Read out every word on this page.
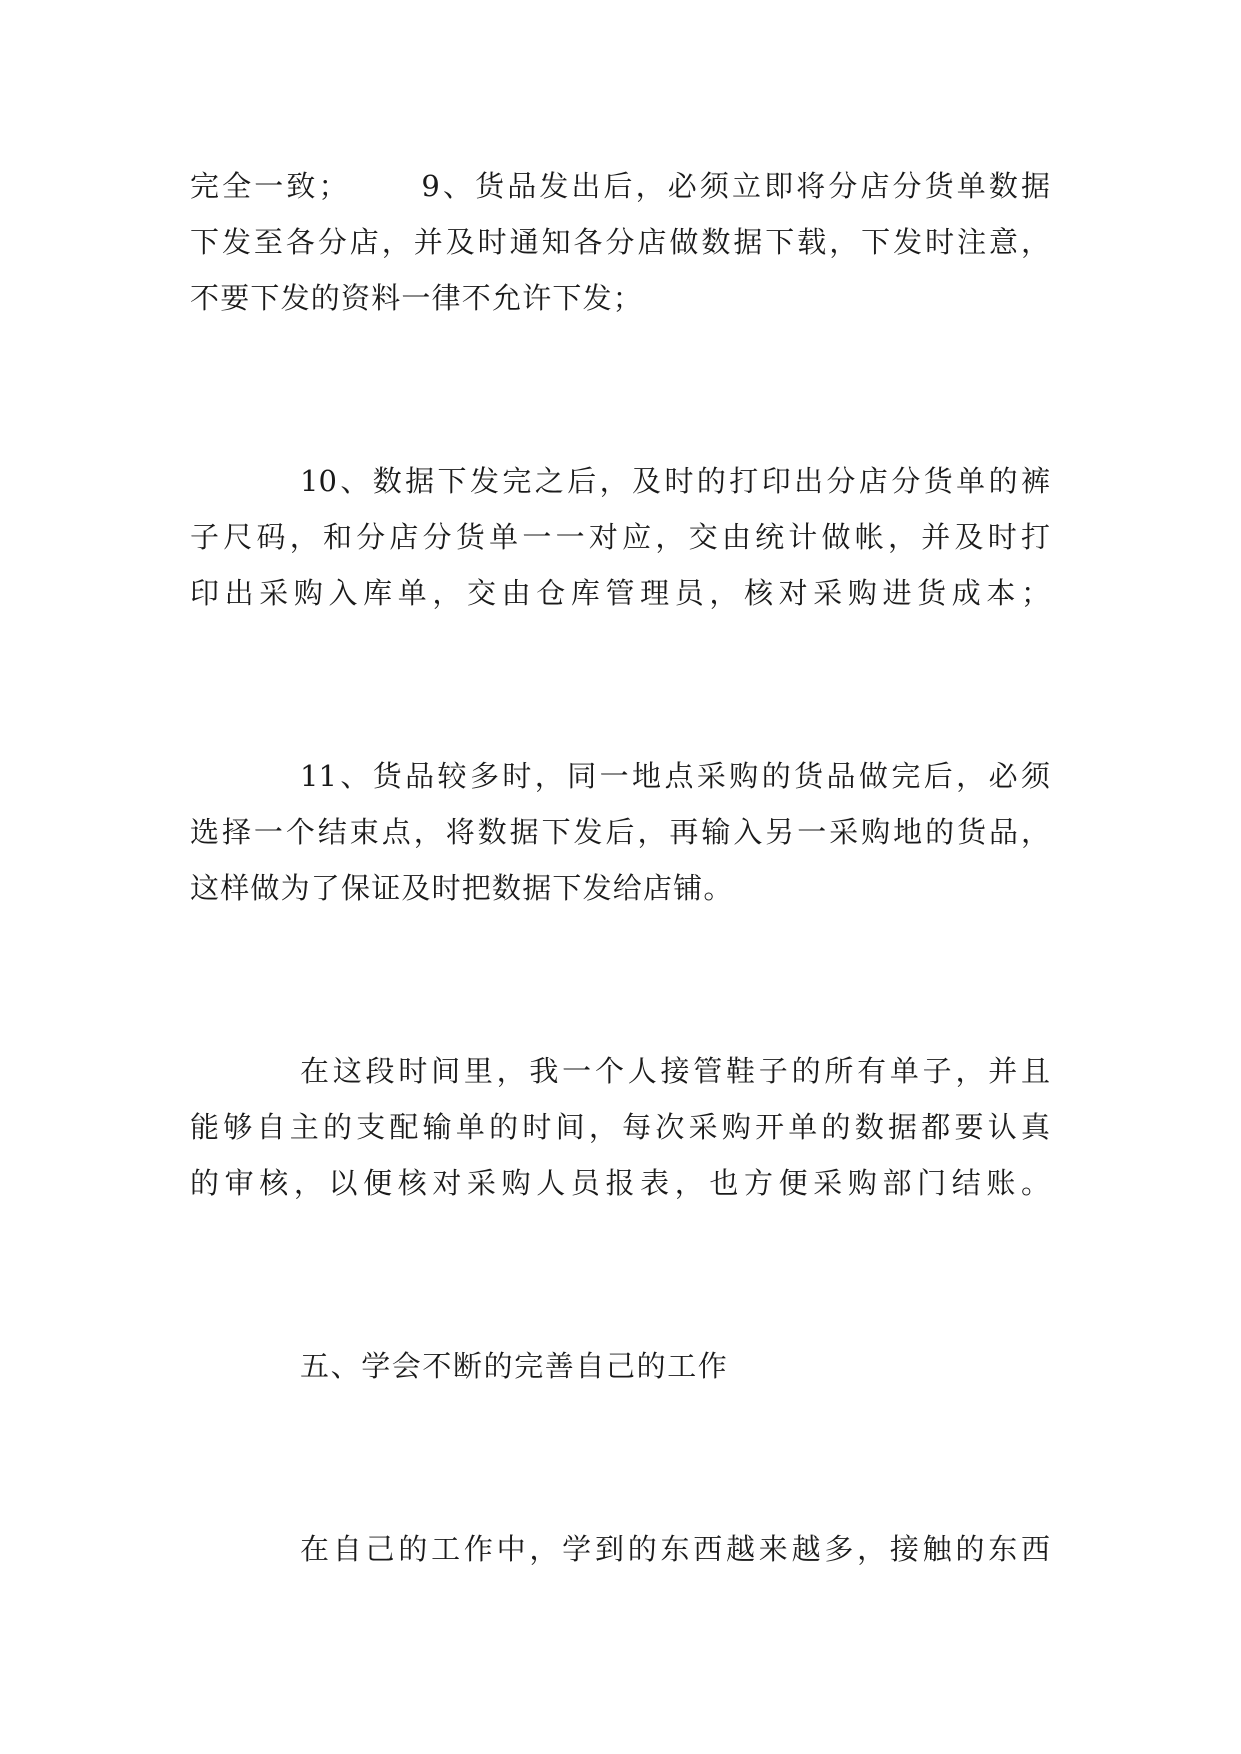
完全一致；      9、货品发出后，必须立即将分店分货单数据

下发至各分店，并及时通知各分店做数据下载，下发时注意，

不要下发的资料一律不允许下发；

10、数据下发完之后，及时的打印出分店分货单的裤

子尺码，和分店分货单一一对应，交由统计做帐，并及时打

印出采购入库单，交由仓库管理员，核对采购进货成本；

11、货品较多时，同一地点采购的货品做完后，必须

选择一个结束点，将数据下发后，再输入另一采购地的货品，

这样做为了保证及时把数据下发给店铺。

在这段时间里，我一个人接管鞋子的所有单子，并且

能够自主的支配输单的时间，每次采购开单的数据都要认真

的审核，以便核对采购人员报表，也方便采购部门结账。

五、学会不断的完善自己的工作

在自己的工作中，学到的东西越来越多，接触的东西
